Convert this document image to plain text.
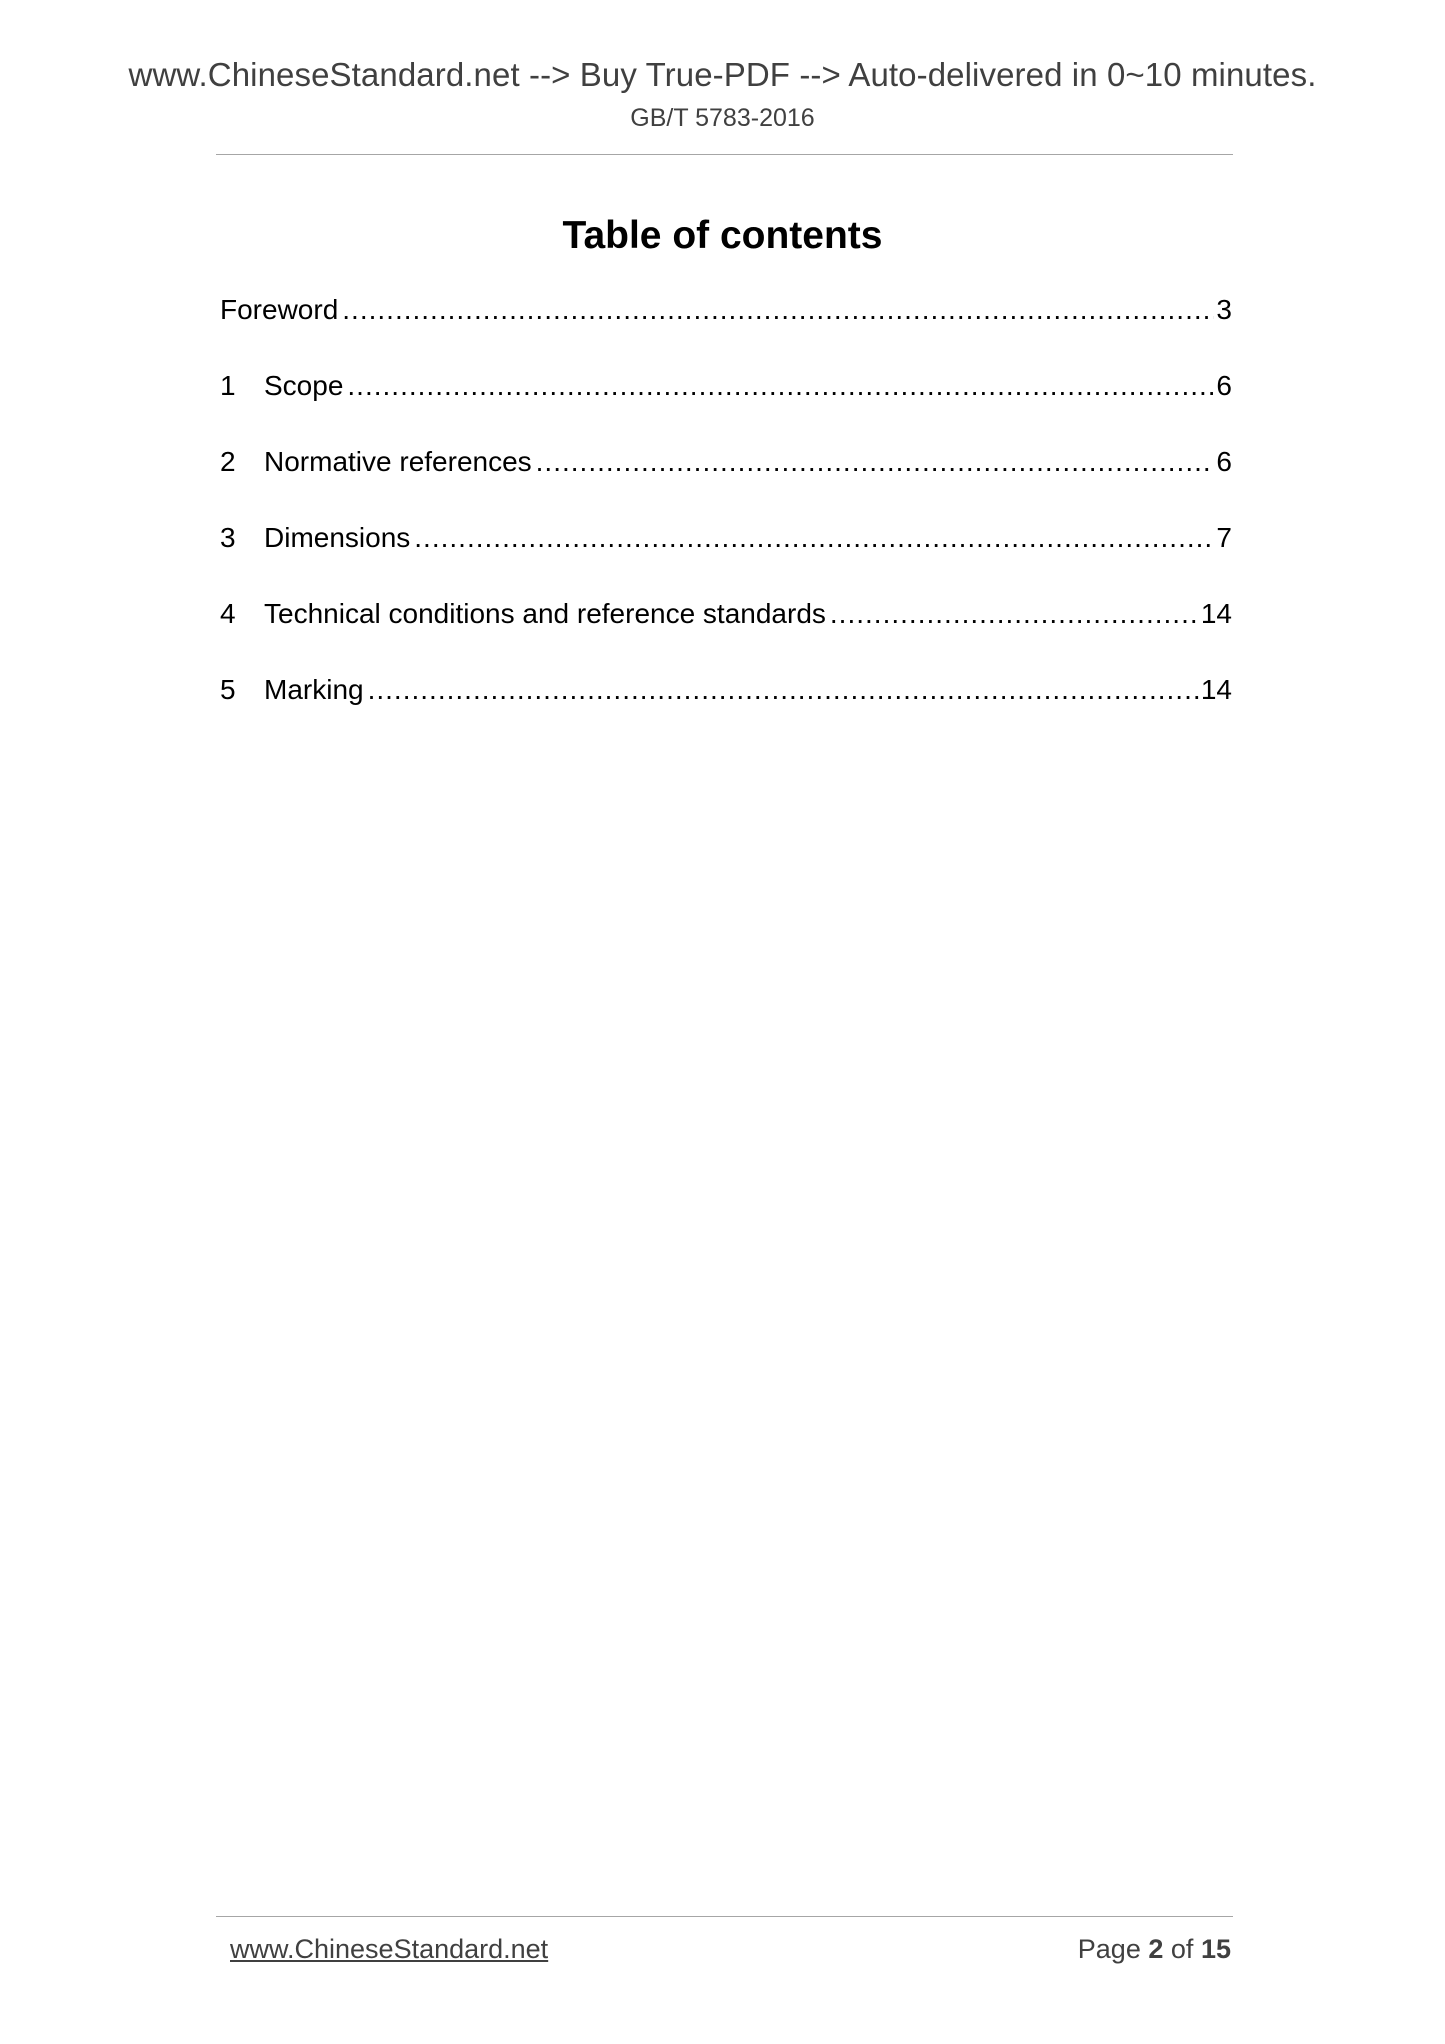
www.ChineseStandard.net --> Buy True-PDF --> Auto-delivered in 0~10 minutes.
GB/T 5783-2016
Table of contents
Foreword .....	3
1	Scope .....	6
2	Normative references .....	6
3	Dimensions .....	7
4	Technical conditions and reference standards .....	14
5	Marking .....	14
www.ChineseStandard.net	Page 2 of 15
